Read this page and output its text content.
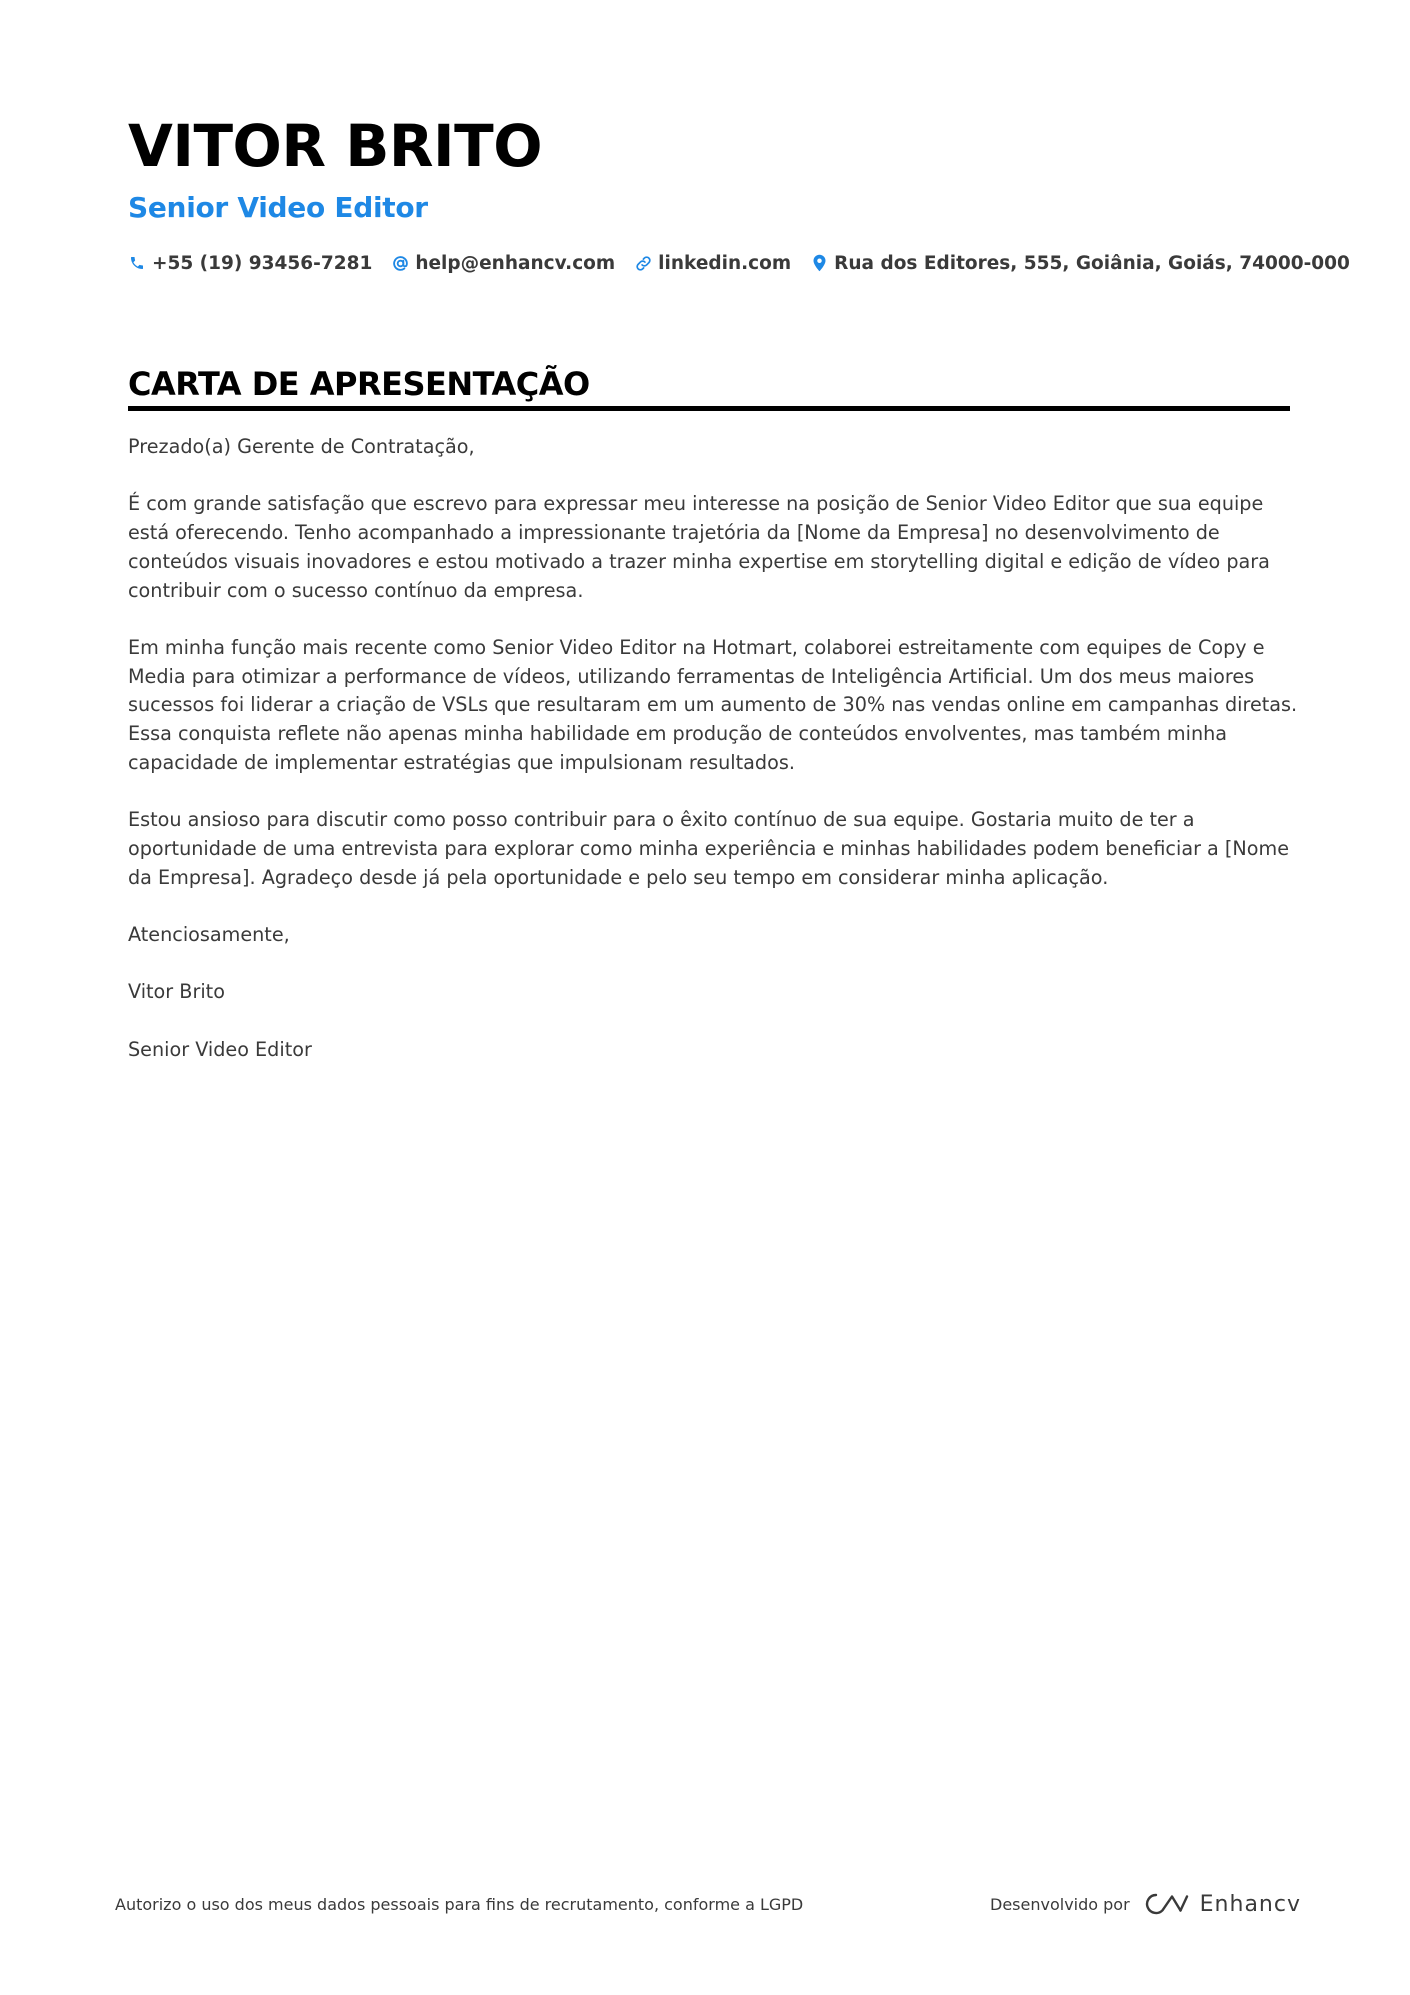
VITOR BRITO
Senior Video Editor
+55 (19) 93456-7281 help@enhancv.com linkedin.com Rua dos Editores, 555, Goiânia, Goiás, 74000-000
CARTA DE APRESENTAÇÃO

Prezado(a) Gerente de Contratação,

É com grande satisfação que escrevo para expressar meu interesse na posição de Senior Video Editor que sua equipe está oferecendo. Tenho acompanhado a impressionante trajetória da [Nome da Empresa] no desenvolvimento de conteúdos visuais inovadores e estou motivado a trazer minha expertise em storytelling digital e edição de vídeo para contribuir com o sucesso contínuo da empresa.

Em minha função mais recente como Senior Video Editor na Hotmart, colaborei estreitamente com equipes de Copy e Media para otimizar a performance de vídeos, utilizando ferramentas de Inteligência Artificial. Um dos meus maiores sucessos foi liderar a criação de VSLs que resultaram em um aumento de 30% nas vendas online em campanhas diretas. Essa conquista reflete não apenas minha habilidade em produção de conteúdos envolventes, mas também minha capacidade de implementar estratégias que impulsionam resultados.

Estou ansioso para discutir como posso contribuir para o êxito contínuo de sua equipe. Gostaria muito de ter a oportunidade de uma entrevista para explorar como minha experiência e minhas habilidades podem beneficiar a [Nome da Empresa]. Agradeço desde já pela oportunidade e pelo seu tempo em considerar minha aplicação.

Atenciosamente,

Vitor Brito

Senior Video Editor

Autorizo o uso dos meus dados pessoais para fins de recrutamento, conforme a LGPD	Desenvolvido por	Enhancv
